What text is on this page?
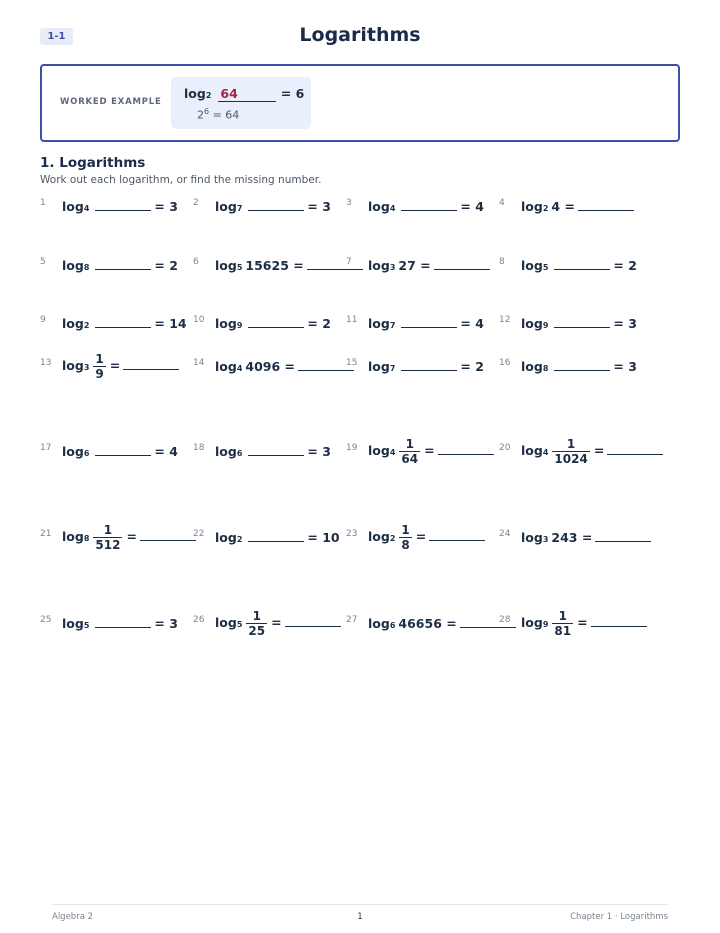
1-1	Logarithms
WORKED EXAMPLE
log2 64	= 6
$2^6 = 64$
1. Logarithms
Work out each logarithm, or find the missing number.
1	log4	= 3 2	log7	= 3 3	log4	= 4 4	log2 4 =
5	log8	= 2 6	log5 15625 =	7	log3 27 =	8	log5	= 2
9	log2	= 14 10 log9	= 2 11 log7	= 4 12 log9	= 3
13 $\log 3 \frac{1}{9}$ =	14 log4 4096 =	15 log7	= 2 16 log8	= 3
17 log6	= 4 18 log6	= 3 19 $\log 4 \frac{1}{64}$ =	20 $\log 4 \frac{1}{1024}$ =
21 $\log 8 \frac{1}{512}$ =	22 log2	= 10 23 $\log 2 \frac{1}{8}$ =	24 log3 243 =
25 log5	= 3 26 $\log 5 \frac{1}{25}$ =	27 log6 46656 =	28 $\log 9 \frac{1}{81}$ =
Algebra 2	1	Chapter 1 · Logarithms
